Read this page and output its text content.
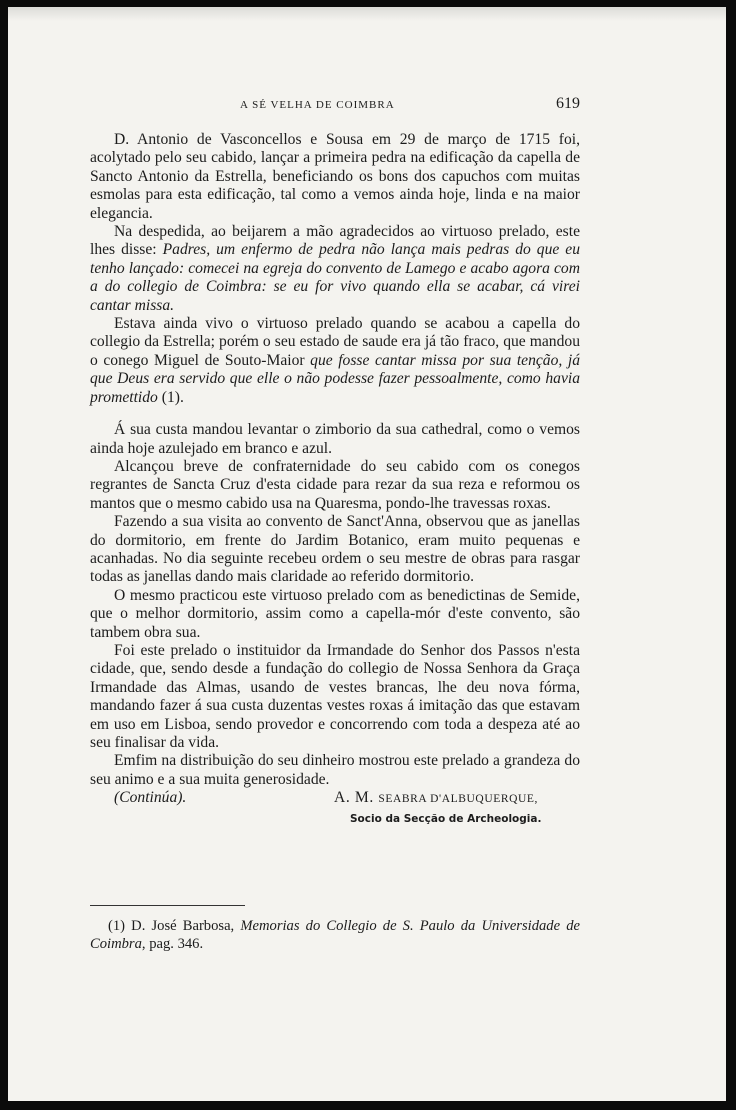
A SÉ VELHA DE COIMBRA	619

D. Antonio de Vasconcellos e Sousa em 29 de março de 1715 foi, acolytado pelo seu cabido, lançar a primeira pedra na edificação da capella de Sancto Antonio da Estrella, beneficiando os bons dos capuchos com muitas esmolas para esta edificação, tal como a vemos ainda hoje, linda e na maior elegancia.

Na despedida, ao beijarem a mão agradecidos ao virtuoso prelado, este lhes disse: Padres, um enfermo de pedra não lança mais pedras do que eu tenho lançado: comecei na egreja do convento de Lamego e acabo agora com a do collegio de Coimbra: se eu for vivo quando ella se acabar, cá virei cantar missa.

Estava ainda vivo o virtuoso prelado quando se acabou a capella do collegio da Estrella; porém o seu estado de saude era já tão fraco, que mandou o conego Miguel de Souto-Maior que fosse cantar missa por sua tenção, já que Deus era servido que elle o não podesse fazer pessoalmente, como havia promettido (1).

Á sua custa mandou levantar o zimborio da sua cathedral, como o vemos ainda hoje azulejado em branco e azul.

Alcançou breve de confraternidade do seu cabido com os conegos regrantes de Sancta Cruz d'esta cidade para rezar da sua reza e reformou os mantos que o mesmo cabido usa na Quaresma, pondo-lhe travessas roxas.

Fazendo a sua visita ao convento de Sanct'Anna, observou que as janellas do dormitorio, em frente do Jardim Botanico, eram muito pequenas e acanhadas. No dia seguinte recebeu ordem o seu mestre de obras para rasgar todas as janellas dando mais claridade ao referido dormitorio.

O mesmo practicou este virtuoso prelado com as benedictinas de Semide, que o melhor dormitorio, assim como a capella-mór d'este convento, são tambem obra sua.

Foi este prelado o instituidor da Irmandade do Senhor dos Passos n'esta cidade, que, sendo desde a fundação do collegio de Nossa Senhora da Graça Irmandade das Almas, usando de vestes brancas, lhe deu nova fórma, mandando fazer á sua custa duzentas vestes roxas á imitação das que estavam em uso em Lisboa, sendo provedor e concorrendo com toda a despeza até ao seu finalisar da vida.

Emfim na distribuição do seu dinheiro mostrou este prelado a grandeza do seu animo e a sua muita generosidade.

(Continúa).	A. M. SEABRA D'ALBUQUERQUE,
Socio da Secção de Archeologia.

(1) D. José Barbosa, Memorias do Collegio de S. Paulo da Universidade de Coimbra, pag. 346.
